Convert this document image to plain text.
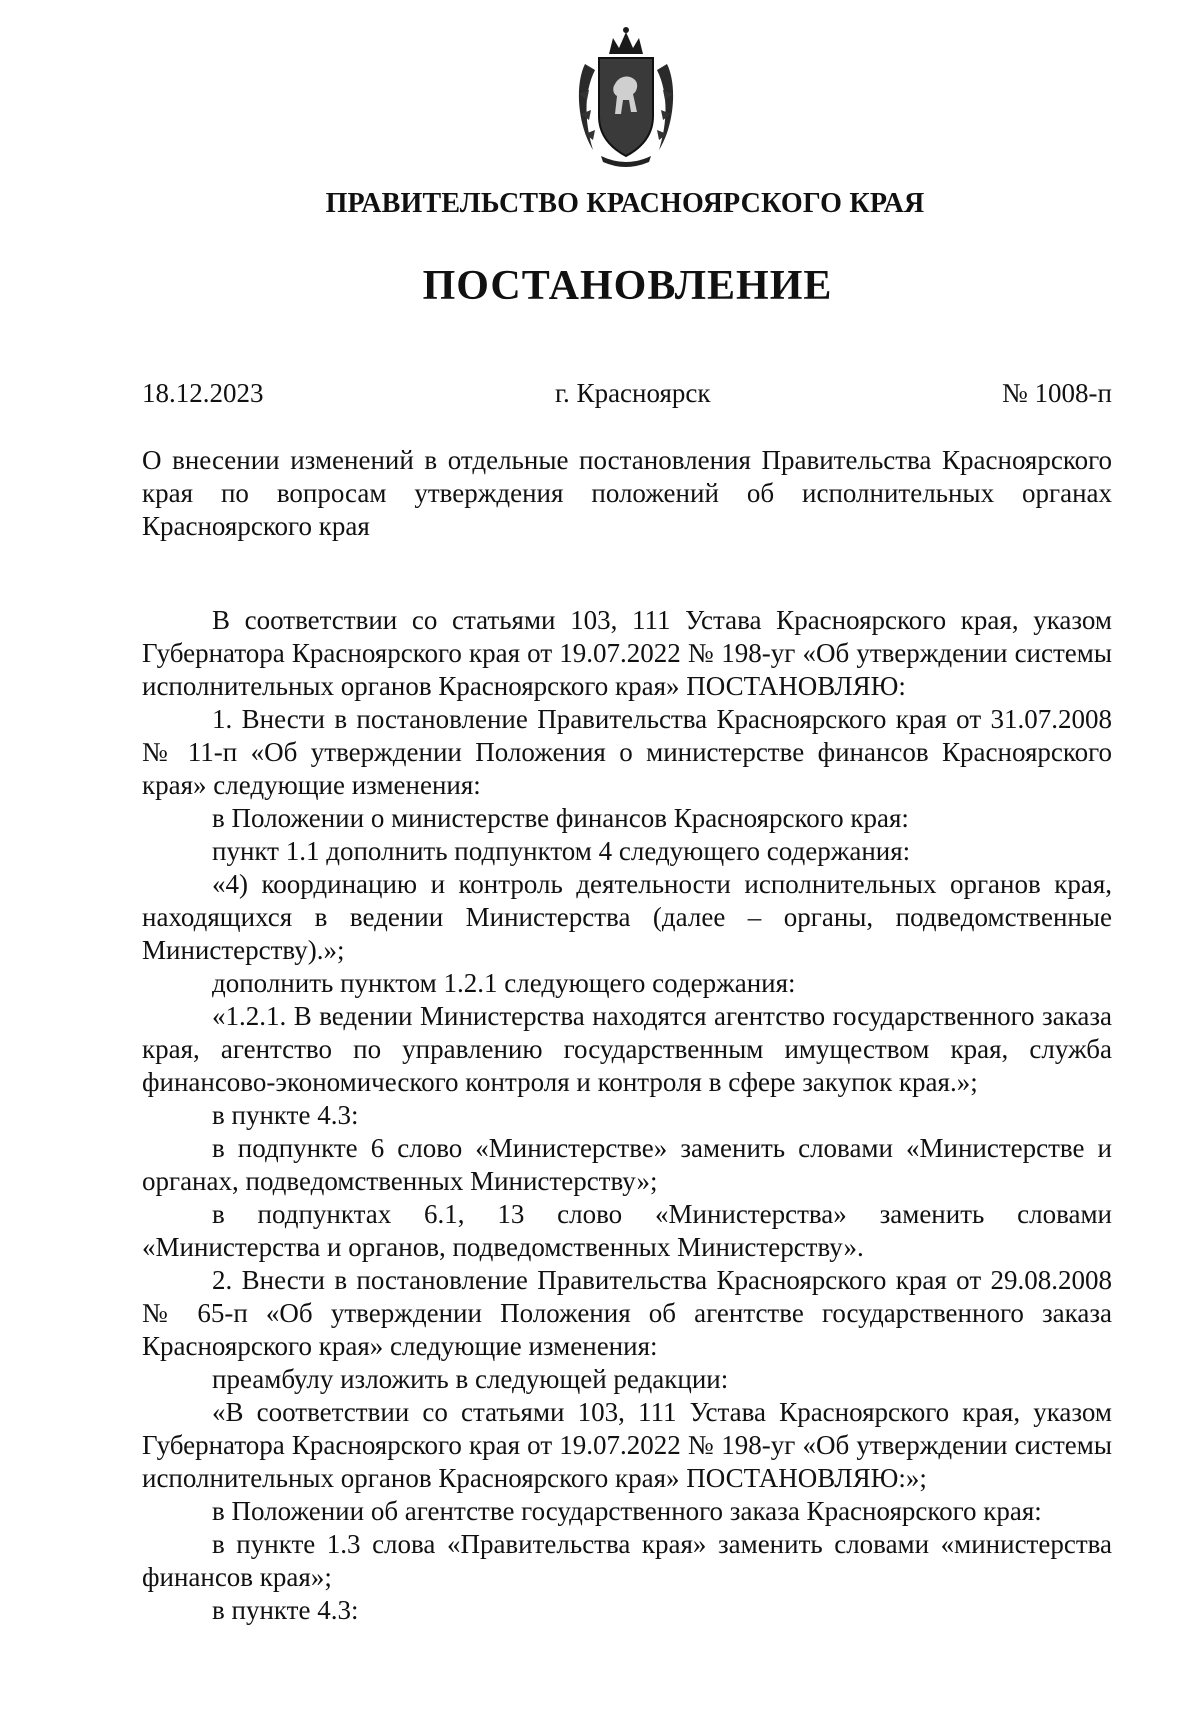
ПРАВИТЕЛЬСТВО КРАСНОЯРСКОГО КРАЯ
ПОСТАНОВЛЕНИЕ
18.12.2023	г. Красноярск	№ 1008-п

О внесении изменений в отдельные постановления Правительства Красноярского края по вопросам утверждения положений об исполнительных органах Красноярского края

В соответствии со статьями 103, 111 Устава Красноярского края, указом Губернатора Красноярского края от 19.07.2022 № 198-уг «Об утверждении системы исполнительных органов Красноярского края» ПОСТАНОВЛЯЮ:

1. Внести в постановление Правительства Красноярского края от 31.07.2008 № 11-п «Об утверждении Положения о министерстве финансов Красноярского края» следующие изменения:

в Положении о министерстве финансов Красноярского края:

пункт 1.1 дополнить подпунктом 4 следующего содержания:

«4) координацию и контроль деятельности исполнительных органов края, находящихся в ведении Министерства (далее – органы, подведомственные Министерству).»;

дополнить пунктом 1.2.1 следующего содержания:

«1.2.1. В ведении Министерства находятся агентство государственного заказа края, агентство по управлению государственным имуществом края, служба финансово-экономического контроля и контроля в сфере закупок края.»;

в пункте 4.3:

в подпункте 6 слово «Министерстве» заменить словами «Министерстве и органах, подведомственных Министерству»;

в подпунктах 6.1, 13 слово «Министерства» заменить словами «Министерства и органов, подведомственных Министерству».

2. Внести в постановление Правительства Красноярского края от 29.08.2008 № 65-п «Об утверждении Положения об агентстве государственного заказа Красноярского края» следующие изменения:

преамбулу изложить в следующей редакции:

«В соответствии со статьями 103, 111 Устава Красноярского края, указом Губернатора Красноярского края от 19.07.2022 № 198-уг «Об утверждении системы исполнительных органов Красноярского края» ПОСТАНОВЛЯЮ:»;

в Положении об агентстве государственного заказа Красноярского края:

в пункте 1.3 слова «Правительства края» заменить словами «министерства финансов края»;

в пункте 4.3:
